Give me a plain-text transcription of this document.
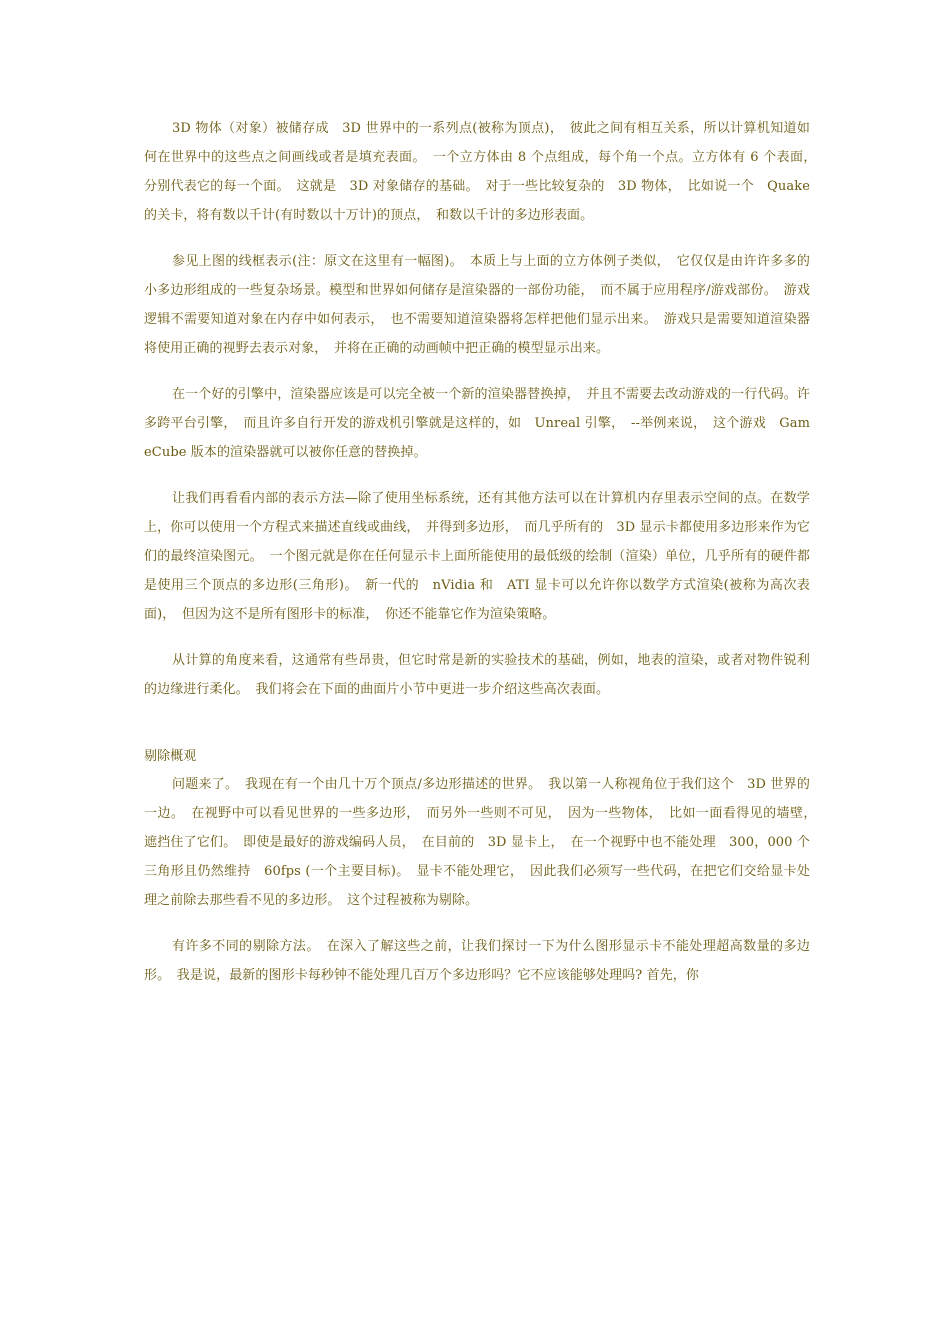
3D 物体（对象）被储存成　3D 世界中的一系列点(被称为顶点)，　彼此之间有相互关系，所以计算机知道如何在世界中的这些点之间画线或者是填充表面。　一个立方体由 8 个点组成，每个角一个点。立方体有 6 个表面，　分别代表它的每一个面。　这就是　3D 对象储存的基础。　对于一些比较复杂的　3D 物体，　比如说一个　Quake 的关卡，将有数以千计(有时数以十万计)的顶点，　和数以千计的多边形表面。

参见上图的线框表示(注：原文在这里有一幅图)。　本质上与上面的立方体例子类似，　它仅仅是由许许多多的小多边形组成的一些复杂场景。模型和世界如何储存是渲染器的一部份功能，　而不属于应用程序/游戏部份。　游戏逻辑不需要知道对象在内存中如何表示，　也不需要知道渲染器将怎样把他们显示出来。　游戏只是需要知道渲染器将使用正确的视野去表示对象，　并将在正确的动画帧中把正确的模型显示出来。

在一个好的引擎中，渲染器应该是可以完全被一个新的渲染器替换掉，　并且不需要去改动游戏的一行代码。许多跨平台引擎，　而且许多自行开发的游戏机引擎就是这样的，如　Unreal 引擎，　--举例来说，　这个游戏　GameCube 版本的渲染器就可以被你任意的替换掉。

让我们再看看内部的表示方法—除了使用坐标系统，还有其他方法可以在计算机内存里表示空间的点。在数学上，你可以使用一个方程式来描述直线或曲线，　并得到多边形，　而几乎所有的　3D 显示卡都使用多边形来作为它们的最终渲染图元。　一个图元就是你在任何显示卡上面所能使用的最低级的绘制（渲染）单位，几乎所有的硬件都是使用三个顶点的多边形(三角形)。　新一代的　nVidia 和　ATI 显卡可以允许你以数学方式渲染(被称为高次表面)，　但因为这不是所有图形卡的标准，　你还不能靠它作为渲染策略。

从计算的角度来看，这通常有些昂贵，但它时常是新的实验技术的基础，例如，地表的渲染，或者对物件锐利的边缘进行柔化。　我们将会在下面的曲面片小节中更进一步介绍这些高次表面。

剔除概观

问题来了。　我现在有一个由几十万个顶点/多边形描述的世界。　我以第一人称视角位于我们这个　3D 世界的一边。　在视野中可以看见世界的一些多边形，　而另外一些则不可见，　因为一些物体，　比如一面看得见的墙壁，　遮挡住了它们。　即使是最好的游戏编码人员，　在目前的　3D 显卡上，　在一个视野中也不能处理　300，000 个三角形且仍然维持　60fps (一个主要目标)。　显卡不能处理它，　因此我们必须写一些代码，在把它们交给显卡处理之前除去那些看不见的多边形。　这个过程被称为剔除。

有许多不同的剔除方法。　在深入了解这些之前，让我们探讨一下为什么图形显示卡不能处理超高数量的多边形。　我是说，最新的图形卡每秒钟不能处理几百万个多边形吗？它不应该能够处理吗? 首先，你
